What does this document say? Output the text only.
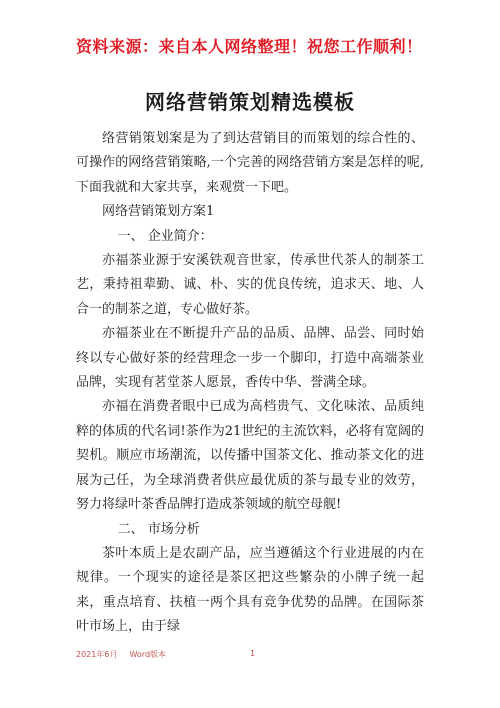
资料来源：来自本人网络整理！祝您工作顺利！
网络营销策划精选模板

络营销策划案是为了到达营销目的而策划的综合性的、可操作的网络营销策略,一个完善的网络营销方案是怎样的呢,下面我就和大家共享，来观赏一下吧。

网络营销策划方案1

一、 企业简介：

亦福茶业源于安溪铁观音世家，传承世代茶人的制茶工艺，秉持祖辈勤、诚、朴、实的优良传统，追求天、地、人合一的制茶之道，专心做好茶。

亦福茶业在不断提升产品的品质、品牌、品尝、同时始终以专心做好茶的经营理念一步一个脚印，打造中高端茶业品牌，实现有茗堂茶人愿景，香传中华、誉满全球。

亦福在消费者眼中已成为高档贵气、文化味浓、品质纯粹的体质的代名词!茶作为21世纪的主流饮料，必将有宽阔的契机。顺应市场潮流，以传播中国茶文化、推动茶文化的进展为己任，为全球消费者供应最优质的茶与最专业的效劳，努力将绿叶茶香品牌打造成茶领域的航空母舰!

二、 市场分析

茶叶本质上是农副产品，应当遵循这个行业进展的内在规律。一个现实的途径是茶区把这些繁杂的小牌子统一起来，重点培育、扶植一两个具有竞争优势的品牌。在国际茶叶市场上，由于绿

2021年6月 Word版本	1
